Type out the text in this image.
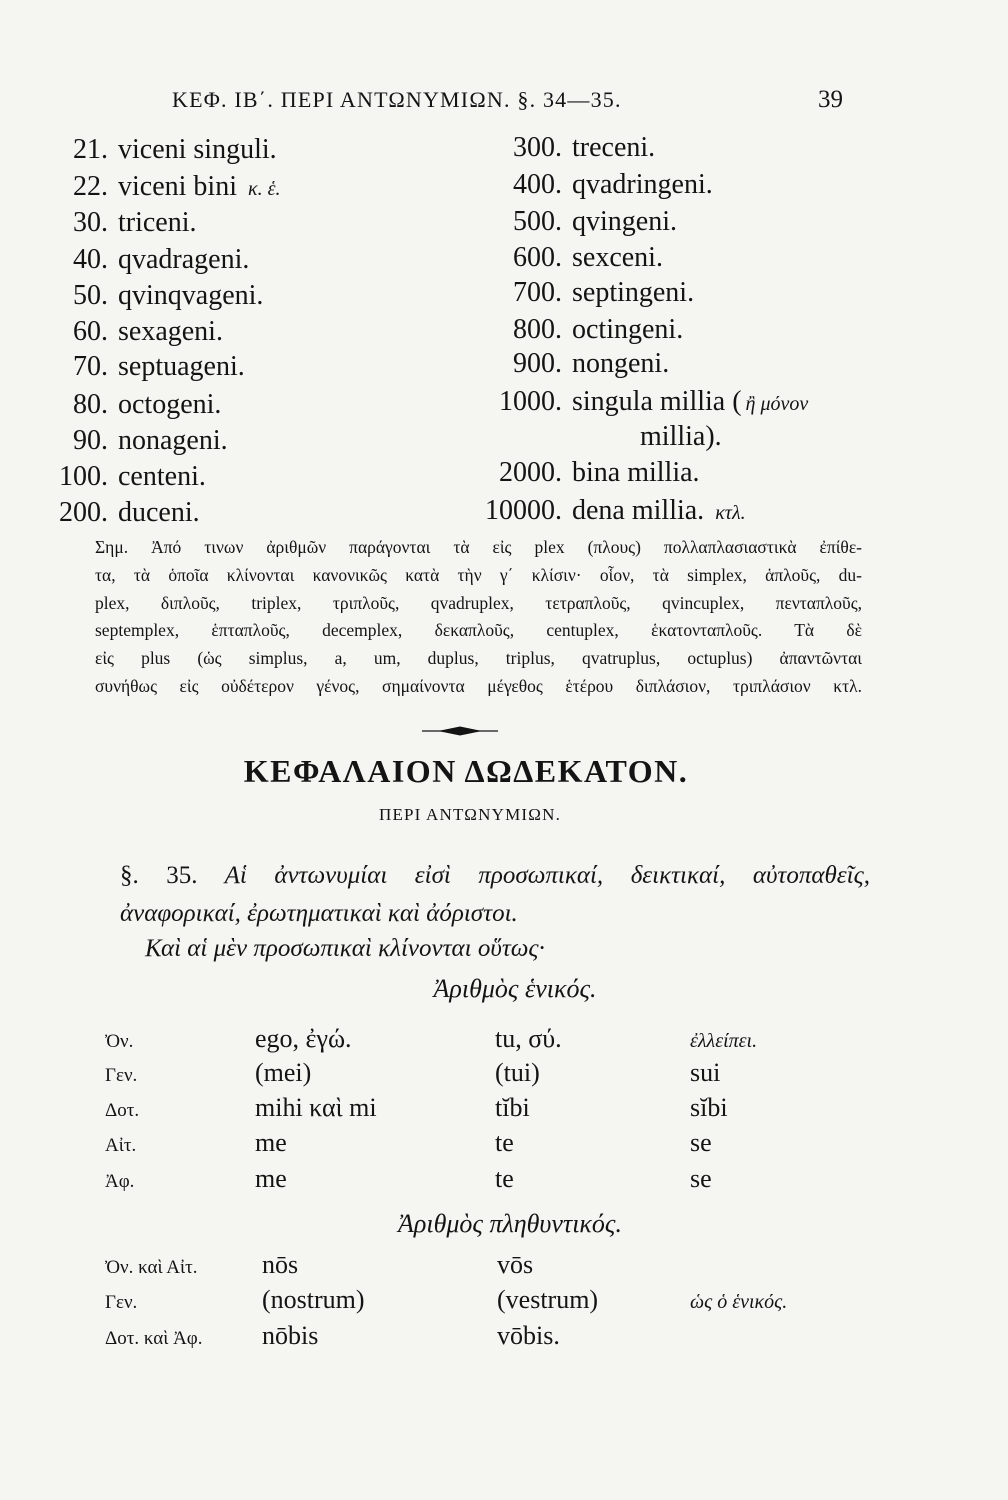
ΚΕΦ. ΙΒ΄. ΠΕΡΙ ΑΝΤΩΝΥΜΙΩΝ. §. 34—35.	39
21. viceni singuli.
22. viceni bini κ. ἑ.
30. triceni.
40. qvadrageni.
50. qvinqvageni.
60. sexageni.
70. septuageni.
80. octogeni.
90. nonageni.
100. centeni.
200. duceni.
300. treceni.
400. qvadringeni.
500. qvingeni.
600. sexceni.
700. septingeni.
800. octingeni.
900. nongeni.
1000. singula millia ( ἢ μόνον
millia).
2000. bina millia.
10000. dena millia. κτλ.
Σημ. Ἀπό τινων ἀριθμῶν παράγονται τὰ εἰς plex (πλους) πολλαπλασιαστικὰ ἐπίθε-
τα, τὰ ὁποῖα κλίνονται κανονικῶς κατὰ τὴν γ΄ κλίσιν· οἷον, τὰ simplex, ἁπλοῦς, du-
plex, διπλοῦς, triplex, τριπλοῦς, qvadruplex, τετραπλοῦς, qvincuplex, πενταπλοῦς,
septemplex, ἑπταπλοῦς, decemplex, δεκαπλοῦς, centuplex, ἑκατονταπλοῦς. Τὰ δὲ
εἰς plus (ὡς simplus, a, um, duplus, triplus, qvatruplus, octuplus) ἀπαντῶνται
συνήθως εἰς οὐδέτερον γένος, σημαίνοντα μέγεθος ἑτέρου διπλάσιον, τριπλάσιον κτλ.
ΚΕΦΑΛΑΙΟΝ ΔΩΔΕΚΑΤΟΝ.
ΠΕΡΙ ΑΝΤΩΝΥΜΙΩΝ.
§. 35. Αἱ ἀντωνυμίαι εἰσὶ προσωπικαί, δεικτικαί, αὐτοπαθεῖς,
ἀναφορικαί, ἐρωτηματικαὶ καὶ ἀόριστοι.
Καὶ αἱ μὲν προσωπικαὶ κλίνονται οὕτως·
Ἀριθμὸς ἑνικός.
Ὀν.	ego, ἐγώ.	tu, σύ.	ἐλλείπει.
Γεν.	(mei)	(tui)	sui
Δοτ.	mihi καὶ mi	tĭbi	sĭbi
Αἰτ.	me	te	se
Ἀφ.	me	te	se
Ἀριθμὸς πληθυντικός.
Ὀν. καὶ Αἰτ.	nōs	vōs
Γεν.	(nostrum)	(vestrum)	ὡς ὁ ἑνικός.
Δοτ. καὶ Ἀφ.	nōbis	vōbis.
